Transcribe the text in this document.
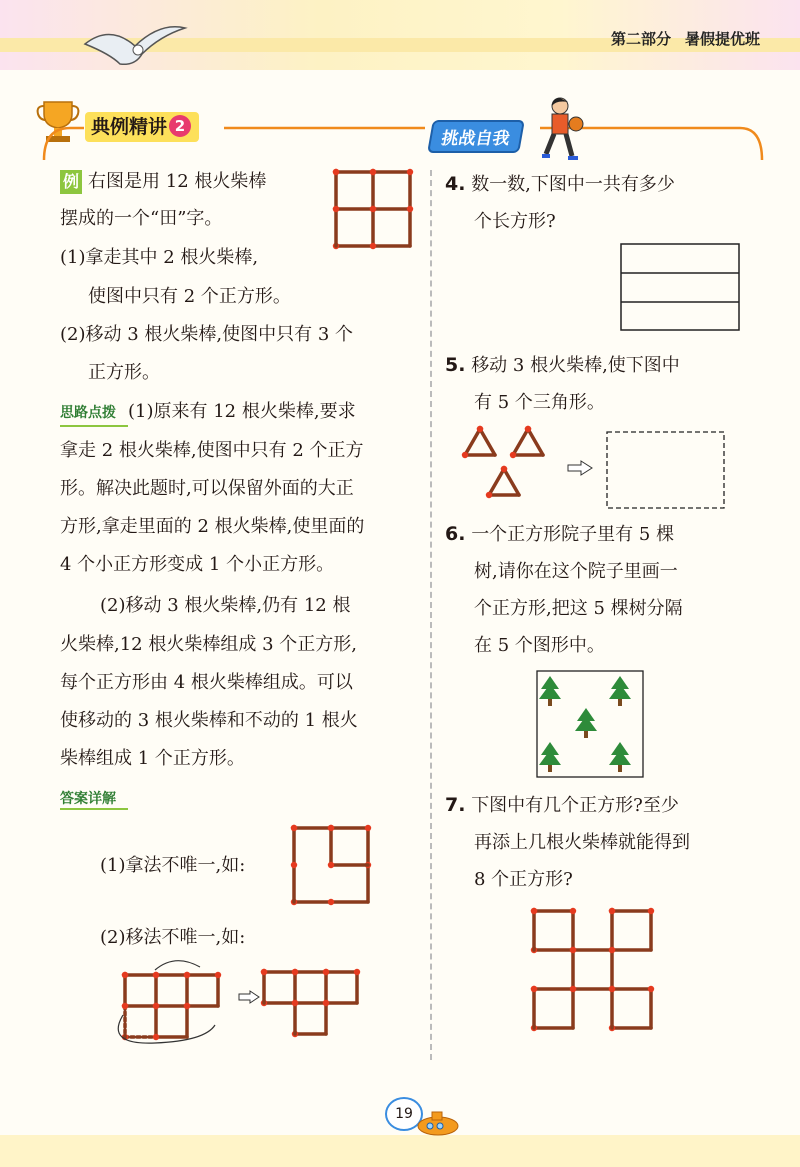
第二部分 暑假提优班
典例精讲 2
挑战自我
例 右图是用 12 根火柴棒
摆成的一个“田”字。
(1)拿走其中 2 根火柴棒,
使图中只有 2 个正方形。
(2)移动 3 根火柴棒,使图中只有 3 个
正方形。
思路点拨 (1)原来有 12 根火柴棒,要求
拿走 2 根火柴棒,使图中只有 2 个正方
形。解决此题时,可以保留外面的大正
方形,拿走里面的 2 根火柴棒,使里面的
4 个小正方形变成 1 个小正方形。
(2)移动 3 根火柴棒,仍有 12 根
火柴棒,12 根火柴棒组成 3 个正方形,
每个正方形由 4 根火柴棒组成。可以
使移动的 3 根火柴棒和不动的 1 根火
柴棒组成 1 个正方形。
答案详解
(1)拿法不唯一,如:
(2)移法不唯一,如:
4. 数一数,下图中一共有多少
个长方形?
5. 移动 3 根火柴棒,使下图中
有 5 个三角形。
6. 一个正方形院子里有 5 棵
树,请你在这个院子里画一
个正方形,把这 5 棵树分隔
在 5 个图形中。
7. 下图中有几个正方形?至少
再添上几根火柴棒就能得到
8 个正方形?
19
